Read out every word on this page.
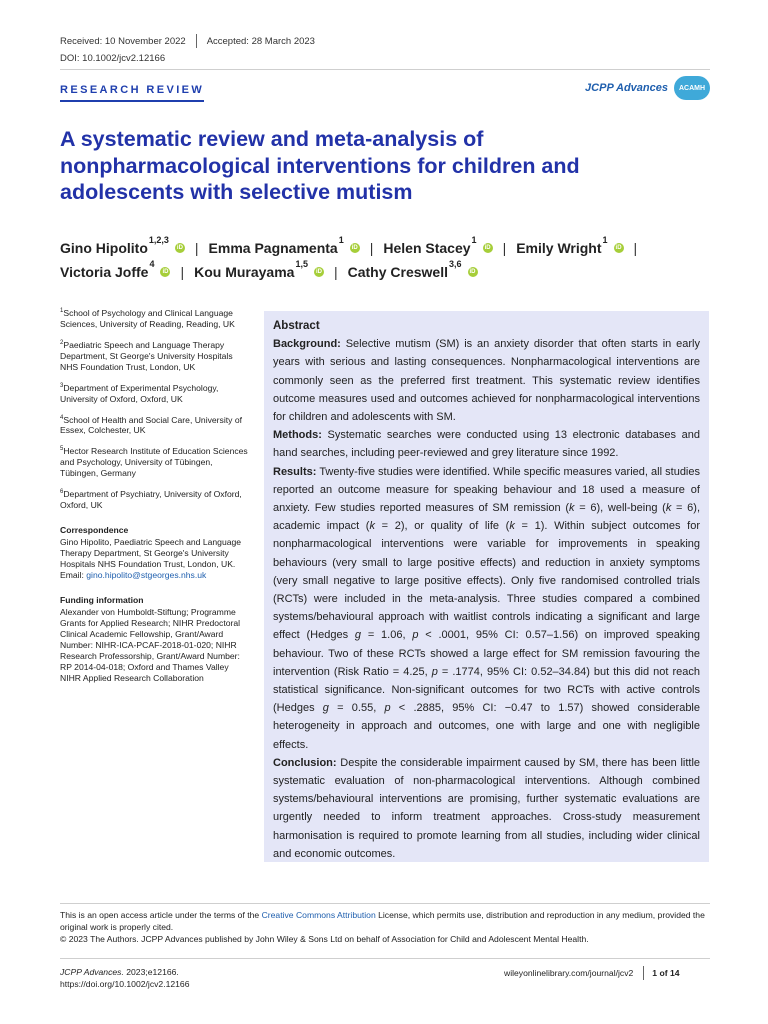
Received: 10 November 2022 Accepted: 28 March 2023
DOI: 10.1002/jcv2.12166
RESEARCH REVIEW	JCPP Advances	ACAMH
A systematic review and meta-analysis of nonpharmacological interventions for children and adolescents with selective mutism
Gino Hipolito$^{1,2,3}$
iD | Emma Pagnamenta$^1$
iD | Helen Stacey$^1$
iD | Emily Wright$^1$
iD |

Victoria Joffe$^4$
iD | Kou Murayama$^{1,5}$
iD | Cathy Creswell$^{3,6}$
iD
$^1$School of Psychology and Clinical Language Sciences, University of Reading, Reading, UK
$^2$Paediatric Speech and Language Therapy Department, St George's University Hospitals NHS Foundation Trust, London, UK
$^3$Department of Experimental Psychology, University of Oxford, Oxford, UK
$^4$School of Health and Social Care, University of Essex, Colchester, UK
$^5$Hector Research Institute of Education Sciences and Psychology, University of Tübingen, Tübingen, Germany
$^6$Department of Psychiatry, University of Oxford, Oxford, UK
Correspondence
Gino Hipolito, Paediatric Speech and Language Therapy Department, St George's University Hospitals NHS Foundation Trust, London, UK.
Email: gino.hipolito@stgeorges.nhs.uk
Funding information
Alexander von Humboldt-Stiftung; Programme Grants for Applied Research; NIHR Predoctoral Clinical Academic Fellowship, Grant/Award Number: NIHR-ICA-PCAF-2018-01-020; NIHR Research Professorship, Grant/Award Number: RP 2014-04-018; Oxford and Thames Valley NIHR Applied Research Collaboration
Abstract

Background: Selective mutism (SM) is an anxiety disorder that often starts in early years with serious and lasting consequences. Nonpharmacological interventions are commonly seen as the preferred first treatment. This systematic review identifies outcome measures used and outcomes achieved for nonpharmacological interventions for children and adolescents with SM.

Methods: Systematic searches were conducted using 13 electronic databases and hand searches, including peer-reviewed and grey literature since 1992.

Results: Twenty-five studies were identified. While specific measures varied, all studies reported an outcome measure for speaking behaviour and 18 used a measure of anxiety. Few studies reported measures of SM remission (k = 6), well-being (k = 6), academic impact (k = 2), or quality of life (k = 1). Within subject outcomes for nonpharmacological interventions were variable for improvements in speaking behaviours (very small to large positive effects) and reduction in anxiety symptoms (very small negative to large positive effects). Only five randomised controlled trials (RCTs) were included in the meta-analysis. Three studies compared a combined systems/behavioural approach with waitlist controls indicating a significant and large effect (Hedges g = 1.06, p < .0001, 95% CI: 0.57–1.56) on improved speaking behaviour. Two of these RCTs showed a large effect for SM remission favouring the intervention (Risk Ratio = 4.25, p = .1774, 95% CI: 0.52–34.84) but this did not reach statistical significance. Non-significant outcomes for two RCTs with active controls (Hedges g = 0.55, p < .2885, 95% CI: −0.47 to 1.57) showed considerable heterogeneity in approach and outcomes, one with large and one with negligible effects.

Conclusion: Despite the considerable impairment caused by SM, there has been little systematic evaluation of non-pharmacological interventions. Although combined systems/behavioural interventions are promising, further systematic evaluations are urgently needed to inform treatment approaches. Cross-study measurement harmonisation is required to promote learning from all studies, including wider clinical and economic outcomes.

This is an open access article under the terms of the Creative Commons Attribution License, which permits use, distribution and reproduction in any medium, provided the original work is properly cited.
© 2023 The Authors. JCPP Advances published by John Wiley & Sons Ltd on behalf of Association for Child and Adolescent Mental Health.
JCPP Advances. 2023;e12166.
https://doi.org/10.1002/jcv2.12166
wileyonlinelibrary.com/journal/jcv2 1 of 14
